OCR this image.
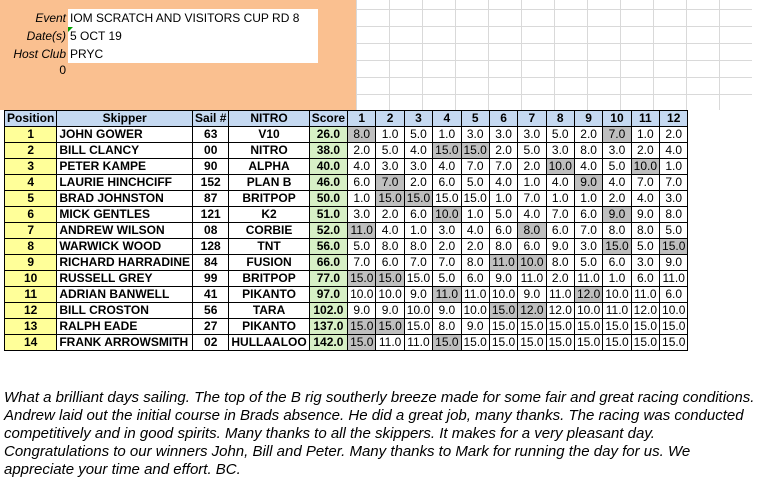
Event IOM SCRATCH AND VISITORS CUP RD 8
Date(s) 5 OCT 19
Host Club PRYC
0
Position	Skipper	Sail #	NITRO	Score	1	2	3	4	5	6	7	8	9	10	11	12
1	JOHN GOWER	63	V10	26.0	8.0	1.0	5.0	1.0	3.0	3.0	3.0	5.0	2.0	7.0	1.0	2.0
2	BILL CLANCY	00	NITRO	38.0	2.0	5.0	4.0	15.0	15.0	2.0	5.0	3.0	8.0	3.0	2.0	4.0
3	PETER KAMPE	90	ALPHA	40.0	4.0	3.0	3.0	4.0	7.0	7.0	2.0	10.0	4.0	5.0	10.0	1.0
4	LAURIE HINCHCIFF	152	PLAN B	46.0	6.0	7.0	2.0	6.0	5.0	4.0	1.0	4.0	9.0	4.0	7.0	7.0
5	BRAD JOHNSTON	87	BRITPOP	50.0	1.0	15.0	15.0	15.0	15.0	1.0	7.0	1.0	1.0	2.0	4.0	3.0
6	MICK GENTLES	121	K2	51.0	3.0	2.0	6.0	10.0	1.0	5.0	4.0	7.0	6.0	9.0	9.0	8.0
7	ANDREW WILSON	08	CORBIE	52.0	11.0	4.0	1.0	3.0	4.0	6.0	8.0	6.0	7.0	8.0	8.0	5.0
8	WARWICK WOOD	128	TNT	56.0	5.0	8.0	8.0	2.0	2.0	8.0	6.0	9.0	3.0	15.0	5.0	15.0
9	RICHARD HARRADINE	84	FUSION	66.0	7.0	6.0	7.0	7.0	8.0	11.0	10.0	8.0	5.0	6.0	3.0	9.0
10	RUSSELL GREY	99	BRITPOP	77.0	15.0	15.0	15.0	5.0	6.0	9.0	11.0	2.0	11.0	1.0	6.0	11.0
11	ADRIAN BANWELL	41	PIKANTO	97.0	10.0	10.0	9.0	11.0	11.0	10.0	9.0	11.0	12.0	10.0	11.0	6.0
12	BILL CROSTON	56	TARA	102.0	9.0	9.0	10.0	9.0	10.0	15.0	12.0	12.0	10.0	11.0	12.0	10.0
13	RALPH EADE	27	PIKANTO	137.0	15.0	15.0	15.0	8.0	9.0	15.0	15.0	15.0	15.0	15.0	15.0	15.0
14	FRANK ARROWSMITH	02	HULLAALOO	142.0	15.0	11.0	11.0	15.0	15.0	15.0	15.0	15.0	15.0	15.0	15.0	15.0

What a brilliant days sailing. The top of the B rig southerly breeze made for some fair and great racing conditions. Andrew laid out the initial course in Brads absence. He did a great job, many thanks. The racing was conducted competitively and in good spirits. Many thanks to all the skippers. It makes for a very pleasant day. Congratulations to our winners John, Bill and Peter. Many thanks to Mark for running the day for us. We appreciate your time and effort. BC.
